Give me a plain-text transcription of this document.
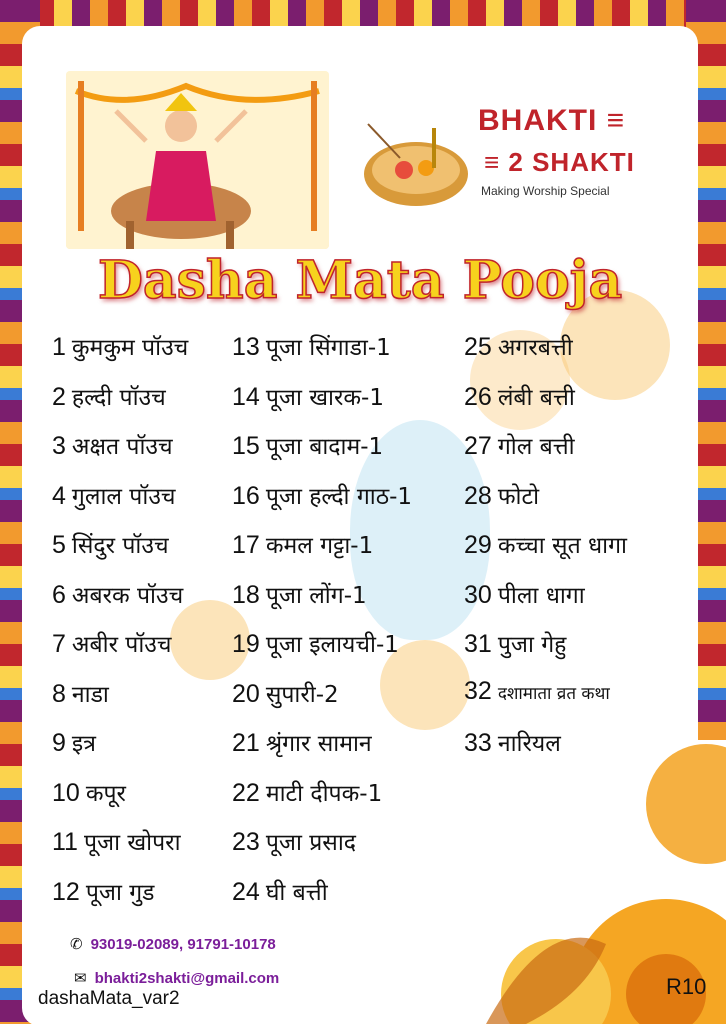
BHAKTI ≡
≡ 2 SHAKTI
Making Worship Special
Dasha Mata Pooja
1 कुमकुम पॉउच
2 हल्दी पॉउच
3 अक्षत पॉउच
4 गुलाल पॉउच
5 सिंदुर पॉउच
6 अबरक पॉउच
7 अबीर पॉउच
8 नाडा
9 इत्र
10 कपूर
11 पूजा खोपरा
12 पूजा गुड
13 पूजा सिंगाडा-1
14 पूजा खारक-1
15 पूजा बादाम-1
16 पूजा हल्दी गाठ-1
17 कमल गट्टा-1
18 पूजा लोंग-1
19 पूजा इलायची-1
20 सुपारी-2
21 श्रृंगार सामान
22 माटी दीपक-1
23 पूजा प्रसाद
24 घी बत्ती
25 अगरबत्ती
26 लंबी बत्ती
27 गोल बत्ती
28 फोटो
29 कच्चा सूत धागा
30 पीला धागा
31 पुजा गेहु
32 दशामाता व्रत कथा
33 नारियल
✆ 93019-02089, 91791-10178
✉ bhakti2shakti@gmail.com
dashaMata_var2	R10
